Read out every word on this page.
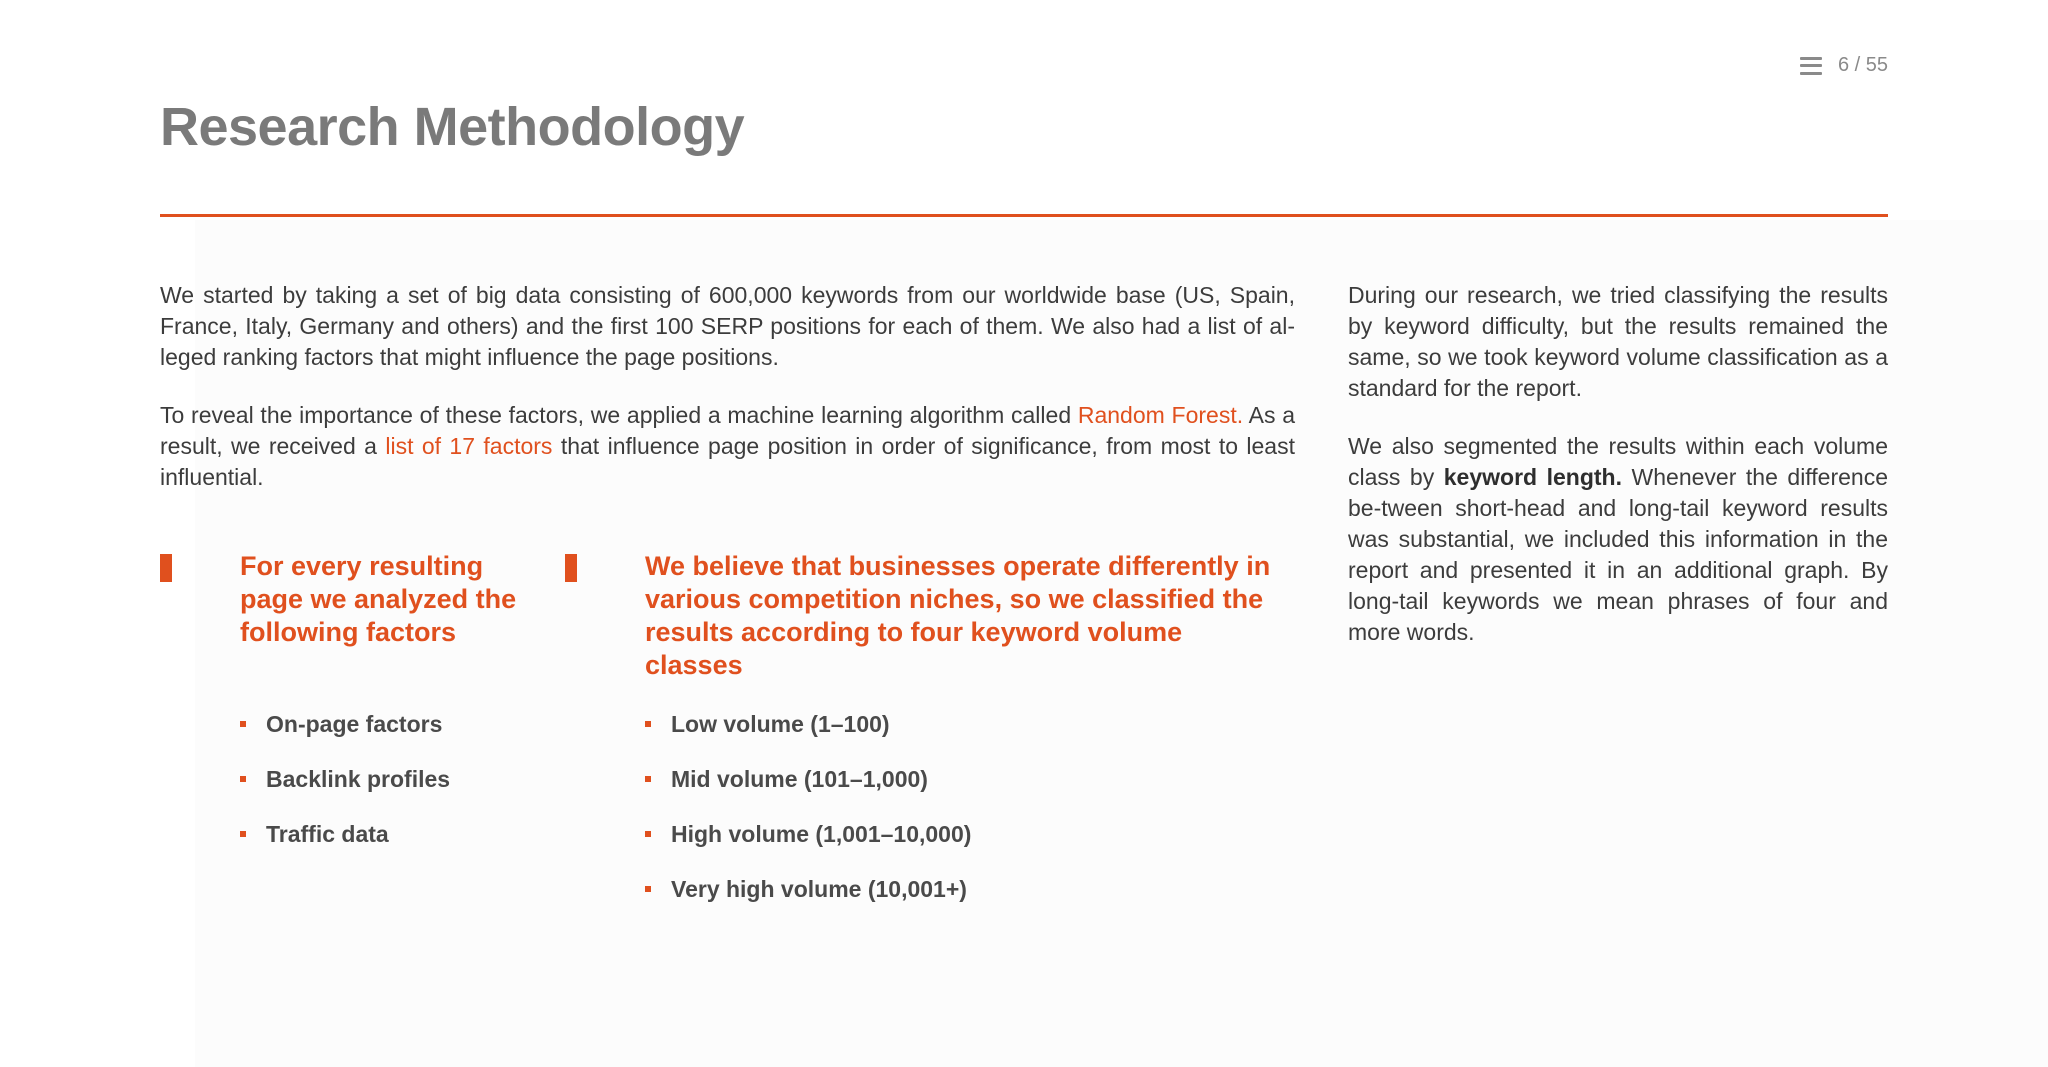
6 / 55
Research Methodology

We started by taking a set of big data consisting of 600,000 keywords from our worldwide base (US, Spain, France, Italy, Germany and others) and the first 100 SERP positions for each of them. We also had a list of al-leged ranking factors that might influence the page positions.

To reveal the importance of these factors, we applied a machine learning algorithm called Random Forest. As a result, we received a list of 17 factors that influence page position in order of significance, from most to least influential.

During our research, we tried classifying the results by keyword difficulty, but the results remained the same, so we took keyword volume classification as a standard for the report.

We also segmented the results within each volume class by keyword length. Whenever the difference be-tween short-head and long-tail keyword results was substantial, we included this information in the report and presented it in an additional graph. By long-tail keywords we mean phrases of four and more words.

For every resulting page we analyzed the following factors
We believe that businesses operate differently in various competition niches, so we classified the results according to four keyword volume classes
On-page factors
Backlink profiles
Traffic data
Low volume (1–100)
Mid volume (101–1,000)
High volume (1,001–10,000)
Very high volume (10,001+)
